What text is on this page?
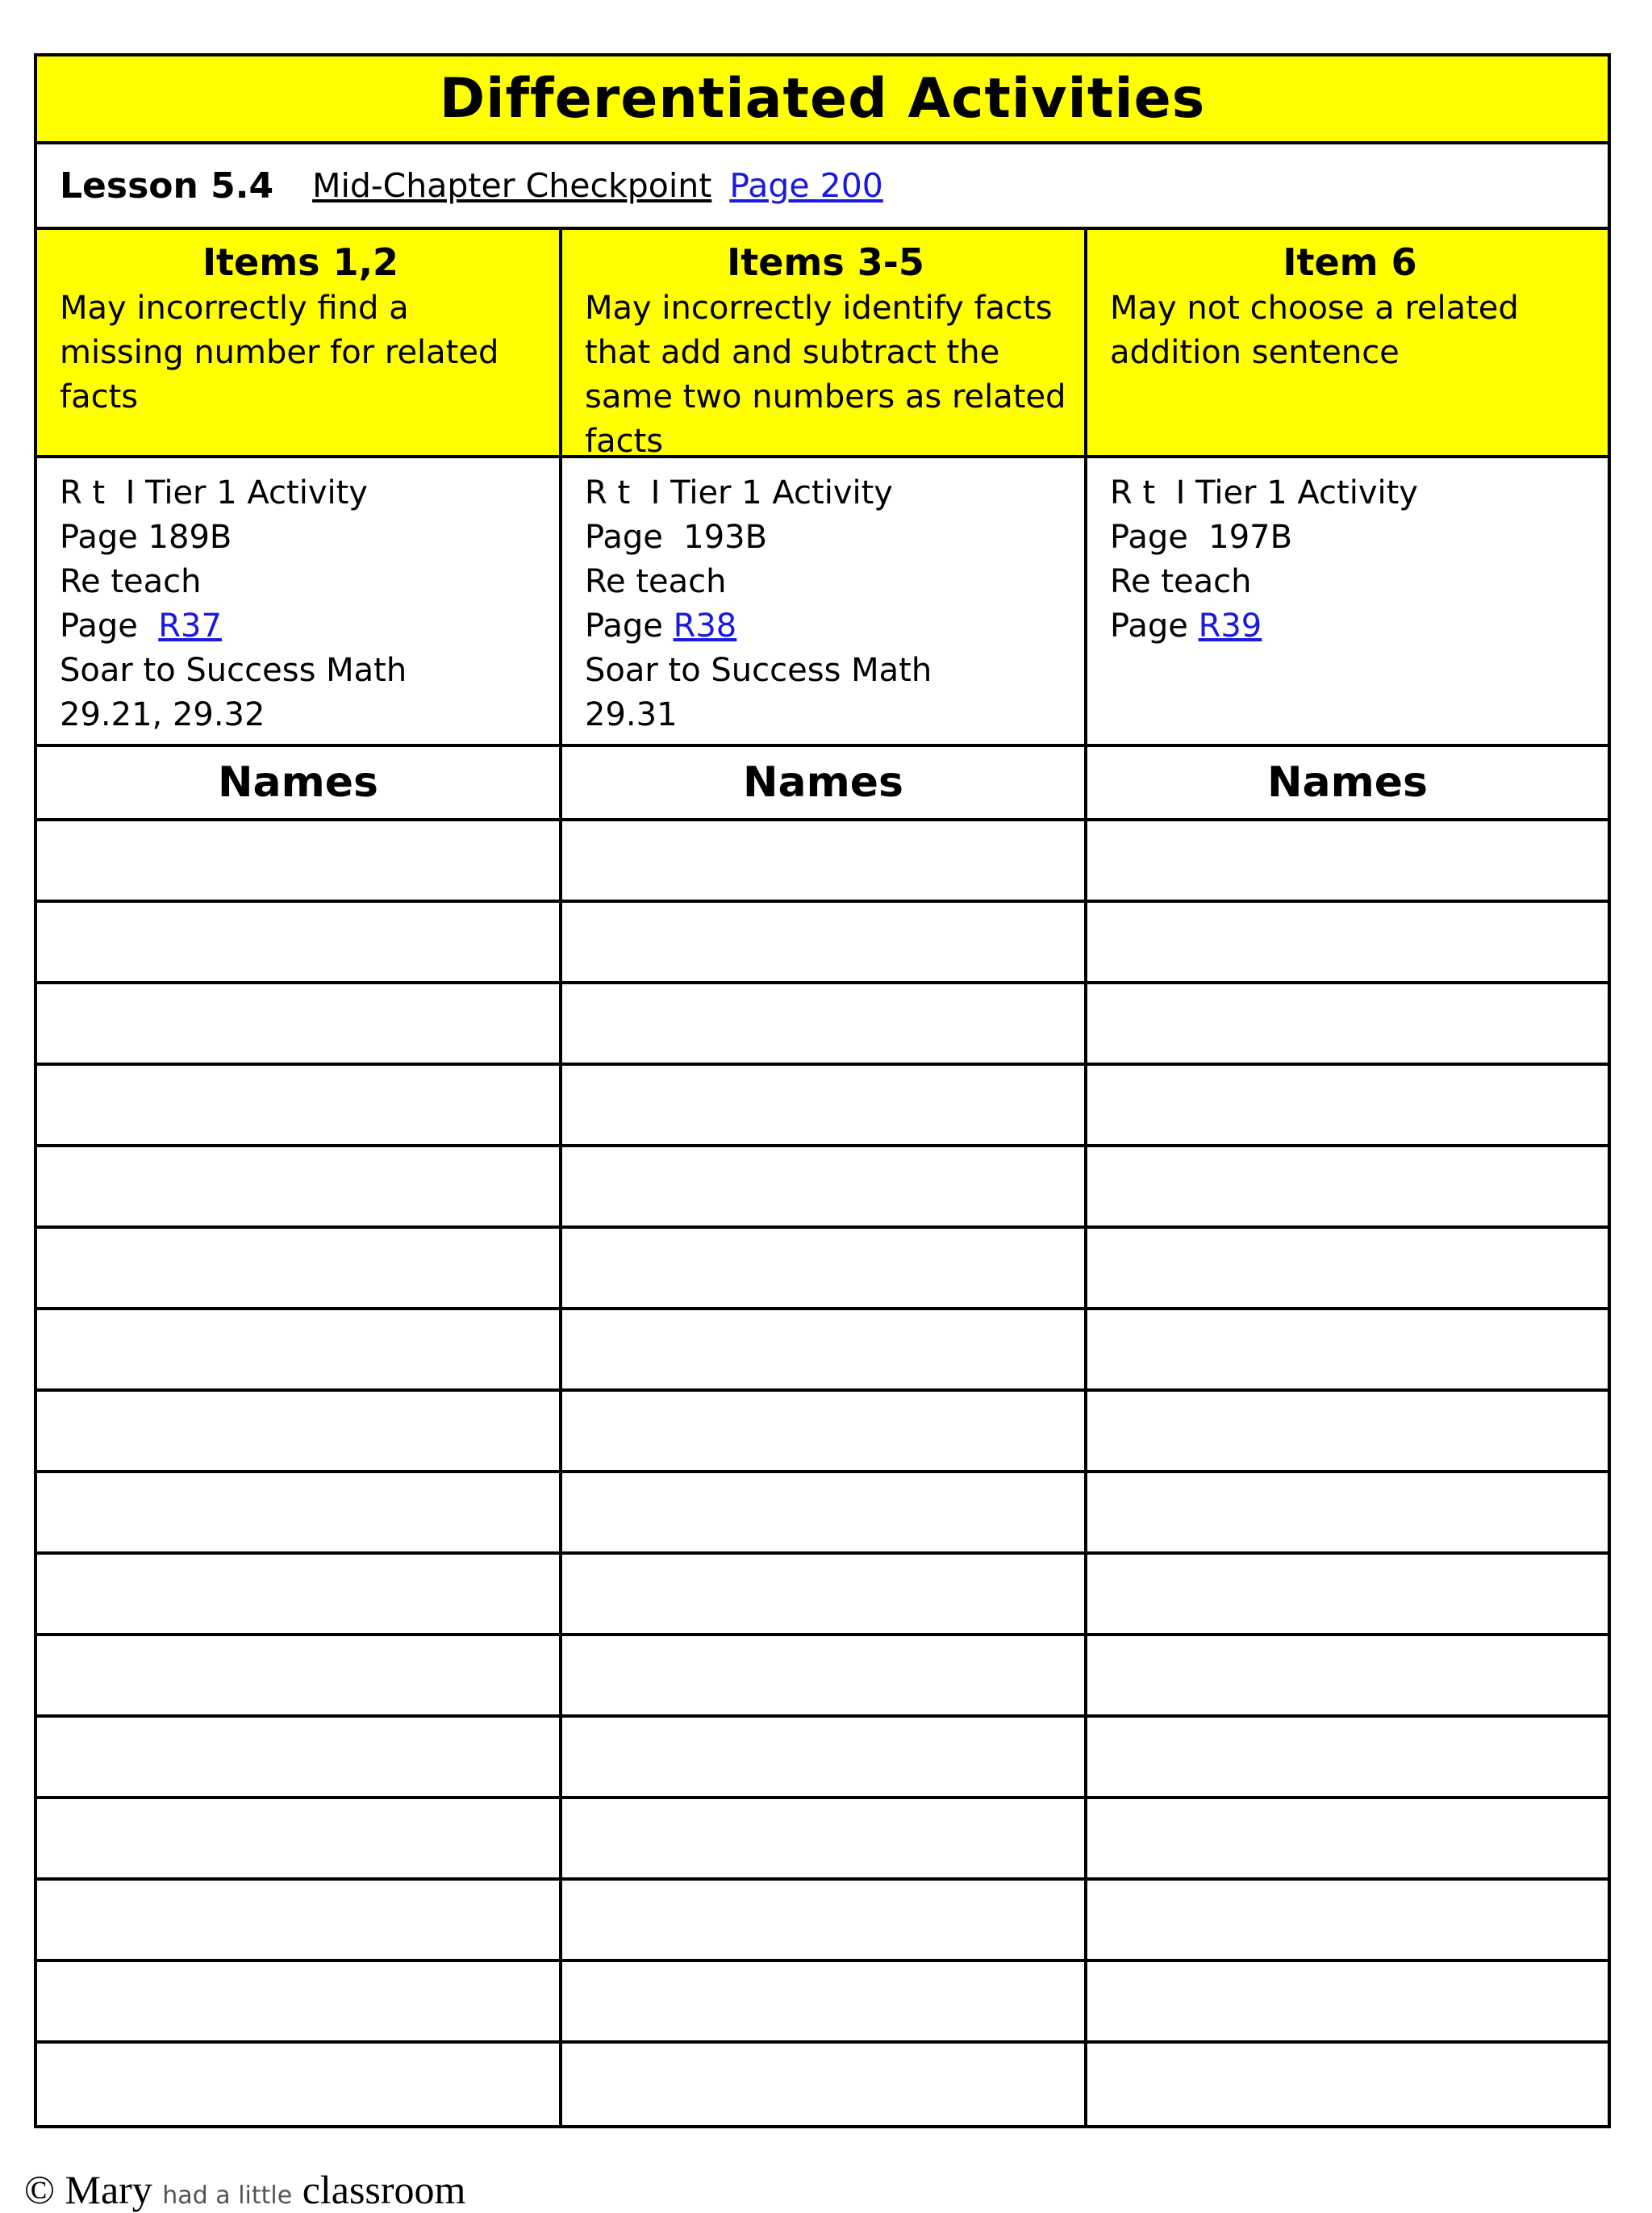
Differentiated Activities
Lesson 5.4 Mid-Chapter Checkpoint Page 200
Items 1,2
May incorrectly find a missing number for related facts
Items 3-5
May incorrectly identify facts that add and subtract the same two numbers as related facts
Item 6
May not choose a related addition sentence
R t  I Tier 1 Activity
Page 189B
Re teach
Page  R37
Soar to Success Math
29.21, 29.32
R t  I Tier 1 Activity
Page  193B
Re teach
Page R38
Soar to Success Math
29.31
R t  I Tier 1 Activity
Page  197B
Re teach
Page R39
Names	Names	Names
© Mary had a little classroom
